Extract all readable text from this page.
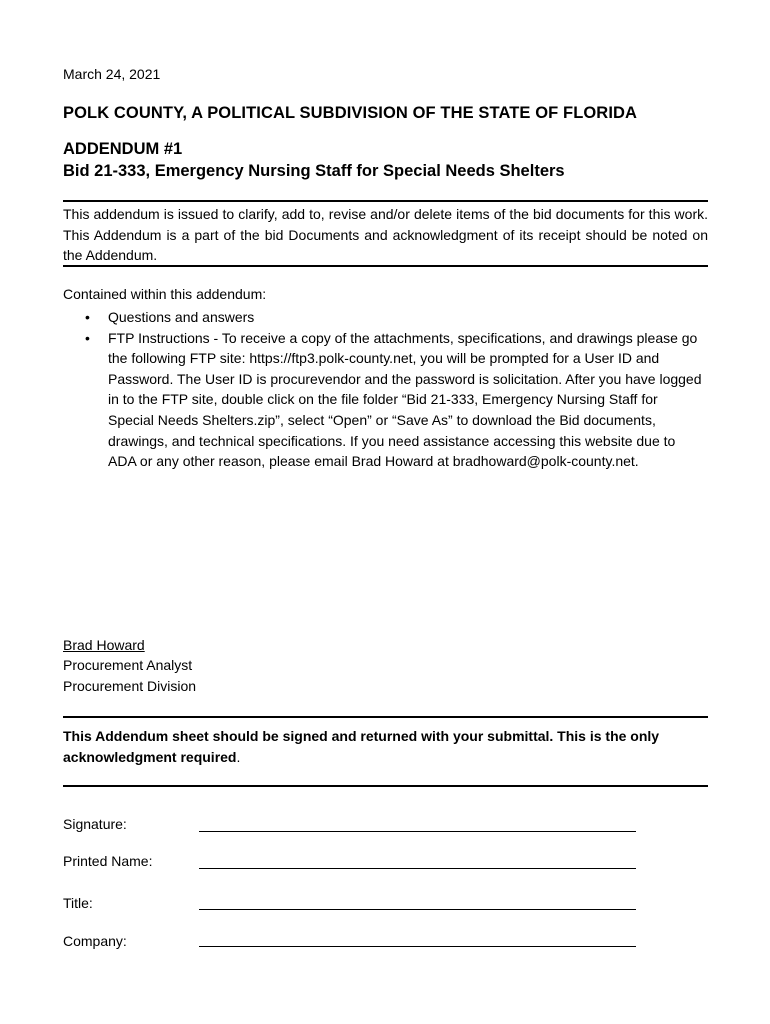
March 24, 2021
POLK COUNTY, A POLITICAL SUBDIVISION OF THE STATE OF FLORIDA
ADDENDUM #1
Bid 21-333, Emergency Nursing Staff for Special Needs Shelters
This addendum is issued to clarify, add to, revise and/or delete items of the bid documents for this work. This Addendum is a part of the bid Documents and acknowledgment of its receipt should be noted on the Addendum.
Contained within this addendum:
• Questions and answers
• FTP Instructions - To receive a copy of the attachments, specifications, and drawings please go the following FTP site: https://ftp3.polk-county.net, you will be prompted for a User ID and Password. The User ID is procurevendor and the password is solicitation. After you have logged in to the FTP site, double click on the file folder “Bid 21-333, Emergency Nursing Staff for Special Needs Shelters.zip”, select “Open” or “Save As” to download the Bid documents, drawings, and technical specifications. If you need assistance accessing this website due to ADA or any other reason, please email Brad Howard at bradhoward@polk-county.net.
Brad Howard
Procurement Analyst
Procurement Division
This Addendum sheet should be signed and returned with your submittal. This is the only acknowledgment required.
Signature:
Printed Name:
Title:
Company:
